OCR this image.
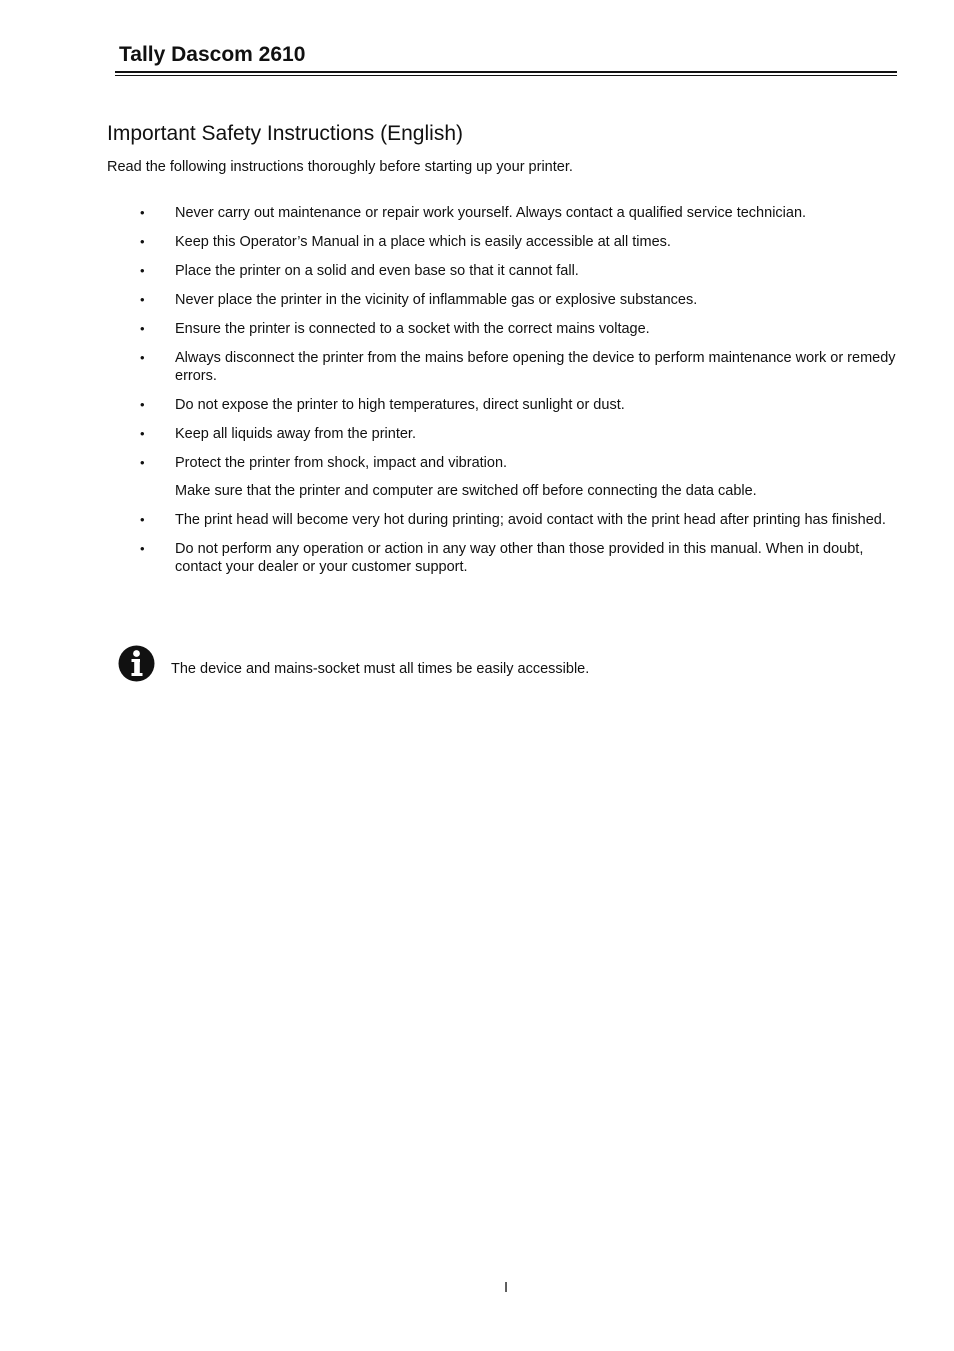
Tally Dascom 2610
Important Safety Instructions (English)

Read the following instructions thoroughly before starting up your printer.

• Never carry out maintenance or repair work yourself. Always contact a qualified service technician.
• Keep this Operator’s Manual in a place which is easily accessible at all times.
• Place the printer on a solid and even base so that it cannot fall.
• Never place the printer in the vicinity of inflammable gas or explosive substances.
• Ensure the printer is connected to a socket with the correct mains voltage.
• Always disconnect the printer from the mains before opening the device to perform maintenance work or remedy errors.
• Do not expose the printer to high temperatures, direct sunlight or dust.
• Keep all liquids away from the printer.
• Protect the printer from shock, impact and vibration.
Make sure that the printer and computer are switched off before connecting the data cable.
• The print head will become very hot during printing; avoid contact with the print head after printing has finished.
• Do not perform any operation or action in any way other than those provided in this manual. When in doubt, contact your dealer or your customer support.

The device and mains-socket must all times be easily accessible.

I
